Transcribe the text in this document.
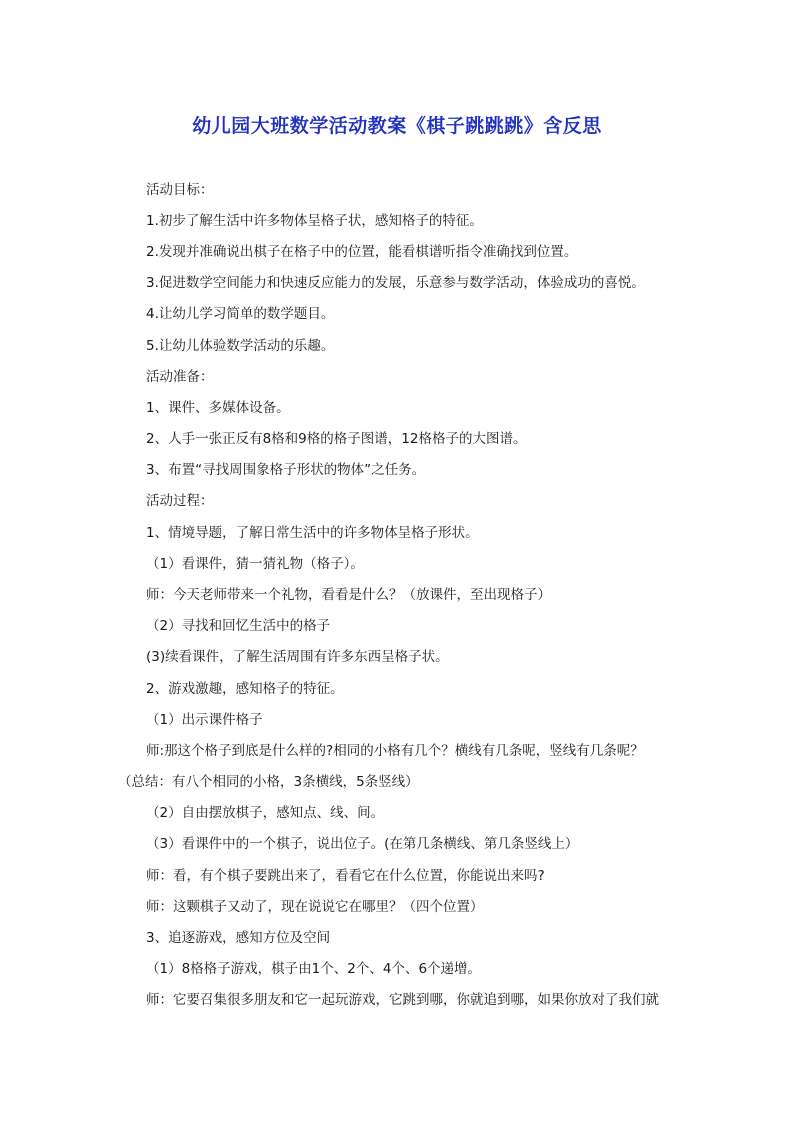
幼儿园大班数学活动教案《棋子跳跳跳》含反思
活动目标：
1.初步了解生活中许多物体呈格子状，感知格子的特征。
2.发现并准确说出棋子在格子中的位置，能看棋谱听指令准确找到位置。
3.促进数学空间能力和快速反应能力的发展，乐意参与数学活动，体验成功的喜悦。
4.让幼儿学习简单的数学题目。
5.让幼儿体验数学活动的乐趣。
活动准备：
1、课件、多媒体设备。
2、人手一张正反有8格和9格的格子图谱，12格格子的大图谱。
3、布置“寻找周围象格子形状的物体”之任务。
活动过程：
1、情境导题，了解日常生活中的许多物体呈格子形状。
（1）看课件，猜一猜礼物（格子）。
师：今天老师带来一个礼物，看看是什么？（放课件，至出现格子）
（2）寻找和回忆生活中的格子
(3)续看课件，了解生活周围有许多东西呈格子状。
2、游戏激趣，感知格子的特征。
（1）出示课件格子
师:那这个格子到底是什么样的?相同的小格有几个？横线有几条呢，竖线有几条呢？
（总结：有八个相同的小格，3条横线，5条竖线）
（2）自由摆放棋子，感知点、线、间。
（3）看课件中的一个棋子，说出位子。(在第几条横线、第几条竖线上）
师：看，有个棋子要跳出来了，看看它在什么位置，你能说出来吗?
师：这颗棋子又动了，现在说说它在哪里？（四个位置）
3、追逐游戏，感知方位及空间
（1）8格格子游戏，棋子由1个、2个、4个、6个递增。
师：它要召集很多朋友和它一起玩游戏，它跳到哪，你就追到哪，如果你放对了我们就
